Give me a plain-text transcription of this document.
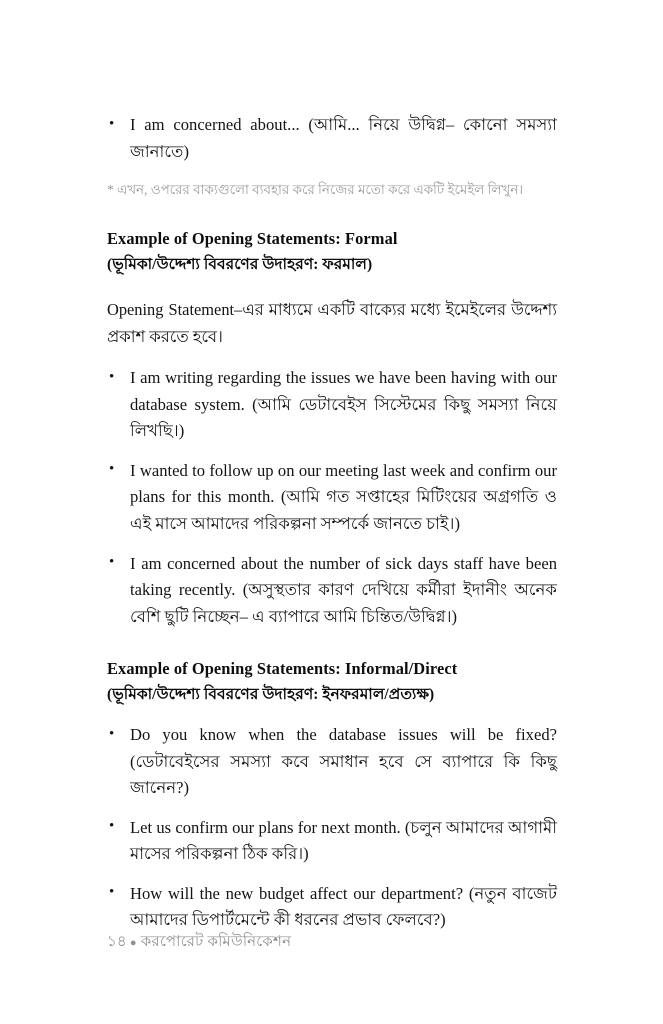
• I am concerned about... (আমি... নিয়ে উদ্বিগ্ন– কোনো সমস্যা জানাতে)

* এখন, ওপরের বাক্যগুলো ব্যবহার করে নিজের মতো করে একটি ইমেইল লিখুন।

Example of Opening Statements: Formal
(ভূমিকা/উদ্দেশ্য বিবরণের উদাহরণ: ফরমাল)

Opening Statement–এর মাধ্যমে একটি বাক্যের মধ্যে ইমেইলের উদ্দেশ্য প্রকাশ করতে হবে।

• I am writing regarding the issues we have been having with our database system. (আমি ডেটাবেইস সিস্টেমের কিছু সমস্যা নিয়ে লিখছি।)
• I wanted to follow up on our meeting last week and confirm our plans for this month. (আমি গত সপ্তাহের মিটিংয়ের অগ্রগতি ও এই মাসে আমাদের পরিকল্পনা সম্পর্কে জানতে চাই।)
• I am concerned about the number of sick days staff have been taking recently. (অসুস্থতার কারণ দেখিয়ে কর্মীরা ইদানীং অনেক বেশি ছুটি নিচ্ছেন– এ ব্যাপারে আমি চিন্তিত/উদ্বিগ্ন।)
Example of Opening Statements: Informal/Direct
(ভূমিকা/উদ্দেশ্য বিবরণের উদাহরণ: ইনফরমাল/প্রত্যক্ষ)
• Do you know when the database issues will be fixed? (ডেটাবেইসের সমস্যা কবে সমাধান হবে সে ব্যাপারে কি কিছু জানেন?)
• Let us confirm our plans for next month. (চলুন আমাদের আগামী মাসের পরিকল্পনা ঠিক করি।)
• How will the new budget affect our department? (নতুন বাজেট আমাদের ডিপার্টমেন্টে কী ধরনের প্রভাব ফেলবে?)
১৪ ● করপোরেট কমিউনিকেশন
